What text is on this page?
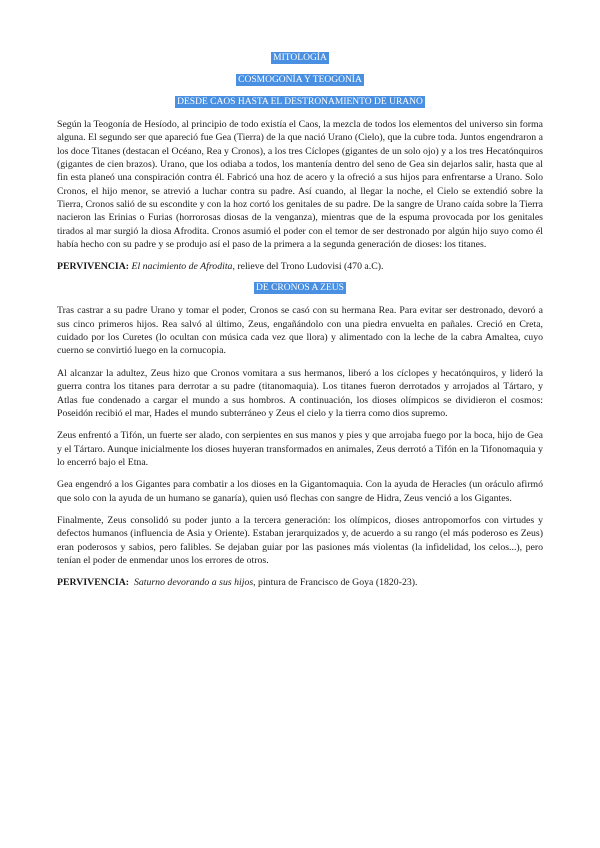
MITOLOGÍA
COSMOGONÍA Y TEOGONÍA
DESDE CAOS HASTA EL DESTRONAMIENTO DE URANO

Según la Teogonía de Hesíodo, al principio de todo existía el Caos, la mezcla de todos los elementos del universo sin forma alguna. El segundo ser que apareció fue Gea (Tierra) de la que nació Urano (Cielo), que la cubre toda. Juntos engendraron a los doce Titanes (destacan el Océano, Rea y Cronos), a los tres Cíclopes (gigantes de un solo ojo) y a los tres Hecatónquiros (gigantes de cien brazos). Urano, que los odiaba a todos, los mantenía dentro del seno de Gea sin dejarlos salir, hasta que al fin esta planeó una conspiración contra él. Fabricó una hoz de acero y la ofreció a sus hijos para enfrentarse a Urano. Solo Cronos, el hijo menor, se atrevió a luchar contra su padre. Así cuando, al llegar la noche, el Cielo se extendió sobre la Tierra, Cronos salió de su escondite y con la hoz cortó los genitales de su padre. De la sangre de Urano caída sobre la Tierra nacieron las Erinias o Furias (horrorosas diosas de la venganza), mientras que de la espuma provocada por los genitales tirados al mar surgió la diosa Afrodita. Cronos asumió el poder con el temor de ser destronado por algún hijo suyo como él había hecho con su padre y se produjo así el paso de la primera a la segunda generación de dioses: los titanes.

PERVIVENCIA: El nacimiento de Afrodita, relieve del Trono Ludovisi (470 a.C).

DE CRONOS A ZEUS

Tras castrar a su padre Urano y tomar el poder, Cronos se casó con su hermana Rea. Para evitar ser destronado, devoró a sus cinco primeros hijos. Rea salvó al último, Zeus, engañándolo con una piedra envuelta en pañales. Creció en Creta, cuidado por los Curetes (lo ocultan con música cada vez que llora) y alimentado con la leche de la cabra Amaltea, cuyo cuerno se convirtió luego en la cornucopia.

Al alcanzar la adultez, Zeus hizo que Cronos vomitara a sus hermanos, liberó a los cíclopes y hecatónquiros, y lideró la guerra contra los titanes para derrotar a su padre (titanomaquia). Los titanes fueron derrotados y arrojados al Tártaro, y Atlas fue condenado a cargar el mundo a sus hombros. A continuación, los dioses olímpicos se dividieron el cosmos: Poseidón recibió el mar, Hades el mundo subterráneo y Zeus el cielo y la tierra como dios supremo.

Zeus enfrentó a Tifón, un fuerte ser alado, con serpientes en sus manos y pies y que arrojaba fuego por la boca, hijo de Gea y el Tártaro. Aunque inicialmente los dioses huyeran transformados en animales, Zeus derrotó a Tifón en la Tifonomaquia y lo encerró bajo el Etna.

Gea engendró a los Gigantes para combatir a los dioses en la Gigantomaquia. Con la ayuda de Heracles (un oráculo afirmó que solo con la ayuda de un humano se ganaría), quien usó flechas con sangre de Hidra, Zeus venció a los Gigantes.

Finalmente, Zeus consolidó su poder junto a la tercera generación: los olímpicos, dioses antropomorfos con virtudes y defectos humanos (influencia de Asia y Oriente). Estaban jerarquizados y, de acuerdo a su rango (el más poderoso es Zeus) eran poderosos y sabios, pero falibles. Se dejaban guiar por las pasiones más violentas (la infidelidad, los celos...), pero tenían el poder de enmendar unos los errores de otros.

PERVIVENCIA: Saturno devorando a sus hijos, pintura de Francisco de Goya (1820-23).
